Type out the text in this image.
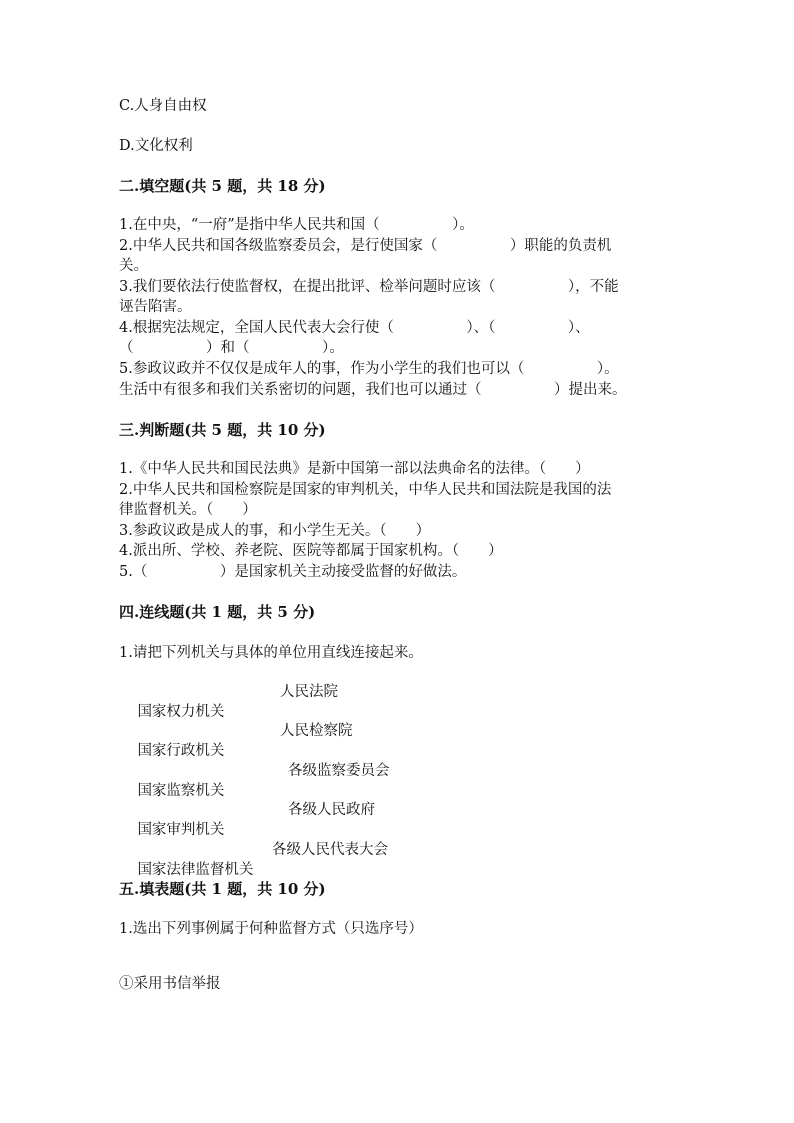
C.人身自由权
D.文化权利
二.填空题(共 5 题，共 18 分)
1.在中央，“一府”是指中华人民共和国（　　　　　）。
2.中华人民共和国各级监察委员会，是行使国家（　　　　　）职能的负责机
关。
3.我们要依法行使监督权，在提出批评、检举问题时应该（　　　　　），不能
诬告陷害。
4.根据宪法规定，全国人民代表大会行使（　　　　　）、（　　　　　）、
（　　　　　）和（　　　　　）。
5.参政议政并不仅仅是成年人的事，作为小学生的我们也可以（　　　　　）。
生活中有很多和我们关系密切的问题，我们也可以通过（　　　　　）提出来。
三.判断题(共 5 题，共 10 分)
1.《中华人民共和国民法典》是新中国第一部以法典命名的法律。（　　）
2.中华人民共和国检察院是国家的审判机关，中华人民共和国法院是我国的法
律监督机关。（　　）
3.参政议政是成人的事，和小学生无关。（　　）
4.派出所、学校、养老院、医院等都属于国家机构。（　　）
5.（　　　　　）是国家机关主动接受监督的好做法。
四.连线题(共 1 题，共 5 分)
1.请把下列机关与具体的单位用直线连接起来。

国家权力机关

人民法院

国家行政机关

人民检察院

国家监察机关

各级监察委员会

国家审判机关

各级人民政府

国家法律监督机关

各级人民代表大会

五.填表题(共 1 题，共 10 分)
1.选出下列事例属于何种监督方式（只选序号）
①采用书信举报
